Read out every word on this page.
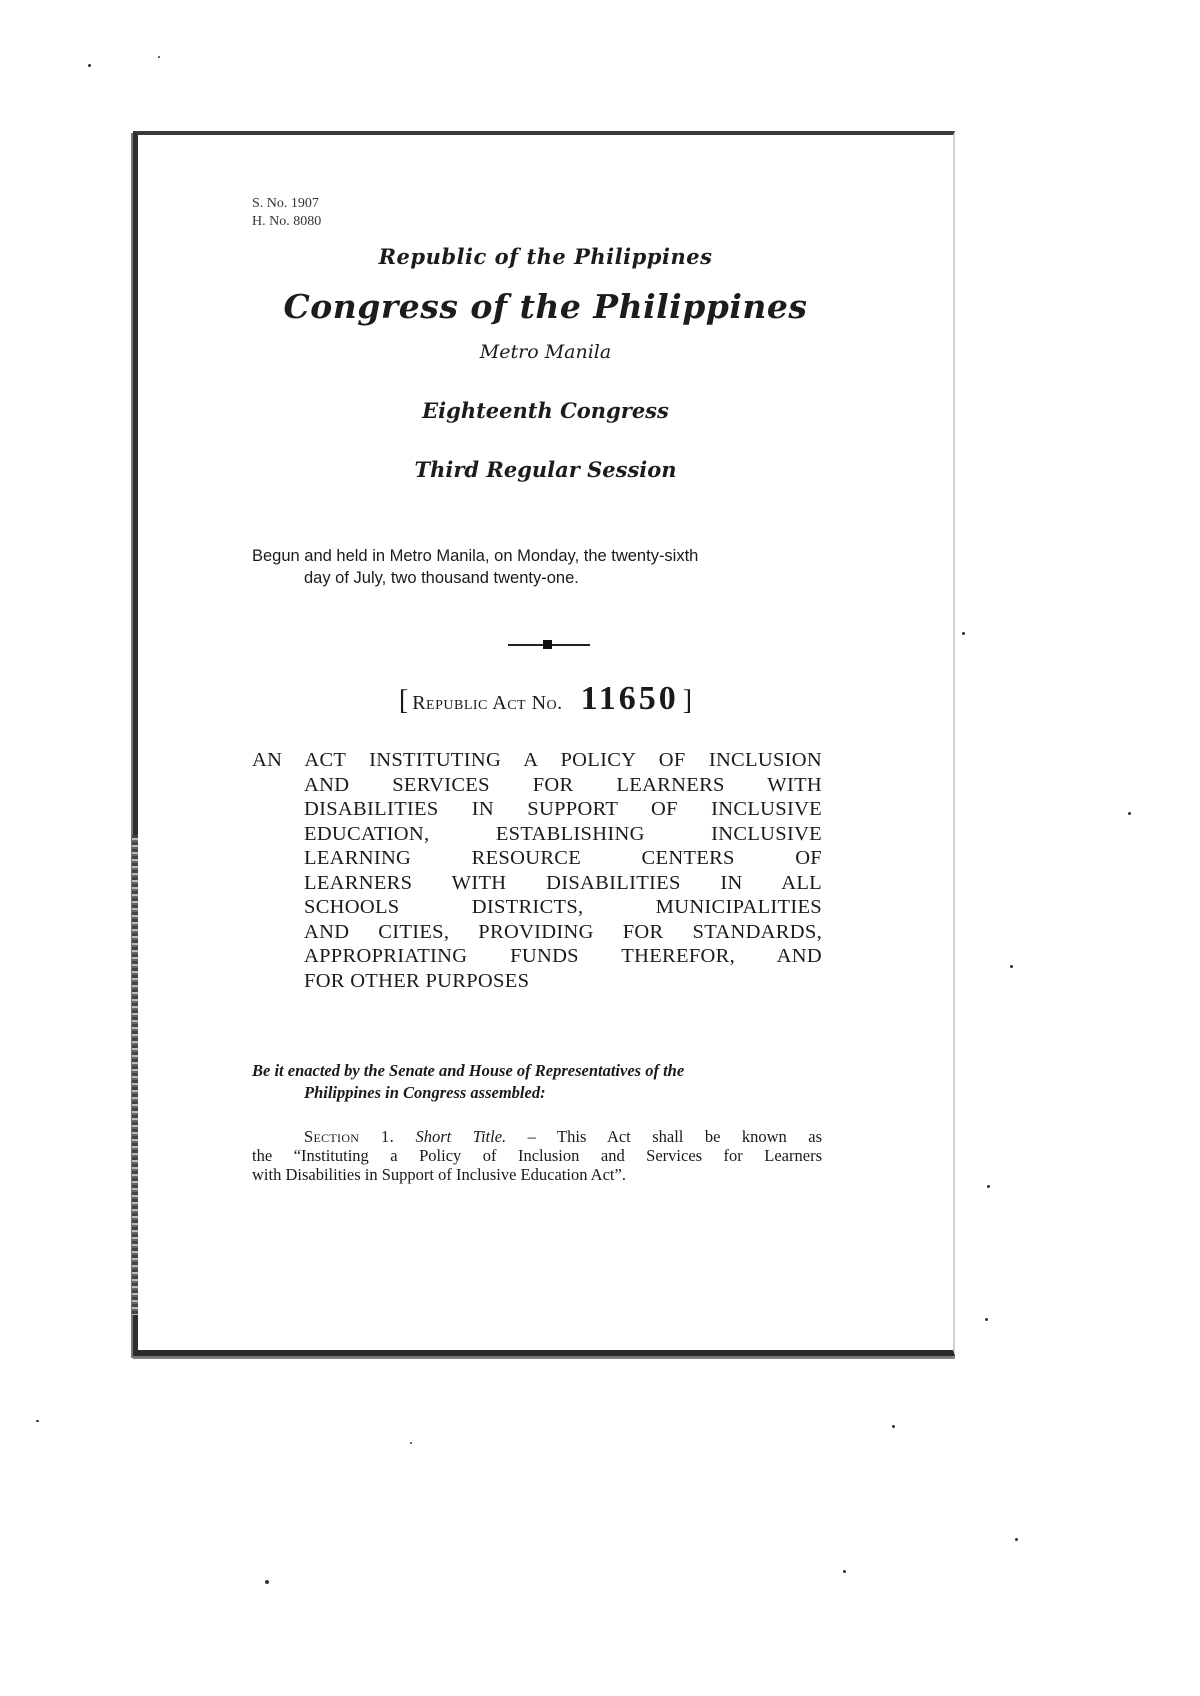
S. No. 1907
H. No. 8080
Republic of the Philippines
Congress of the Philippines
Metro Manila
Eighteenth Congress
Third Regular Session
Begun and held in Metro Manila, on Monday, the twenty-sixth
day of July, two thousand twenty-one.
[ Republic Act No. 11650 ]
AN ACT INSTITUTING A POLICY OF INCLUSION
AND SERVICES FOR LEARNERS WITH
DISABILITIES IN SUPPORT OF INCLUSIVE
EDUCATION, ESTABLISHING INCLUSIVE
LEARNING RESOURCE CENTERS OF
LEARNERS WITH DISABILITIES IN ALL
SCHOOLS DISTRICTS, MUNICIPALITIES
AND CITIES, PROVIDING FOR STANDARDS,
APPROPRIATING FUNDS THEREFOR, AND
FOR OTHER PURPOSES
Be it enacted by the Senate and House of Representatives of the
Philippines in Congress assembled:
Section 1. Short Title. – This Act shall be known as
the “Instituting a Policy of Inclusion and Services for Learners
with Disabilities in Support of Inclusive Education Act”.
